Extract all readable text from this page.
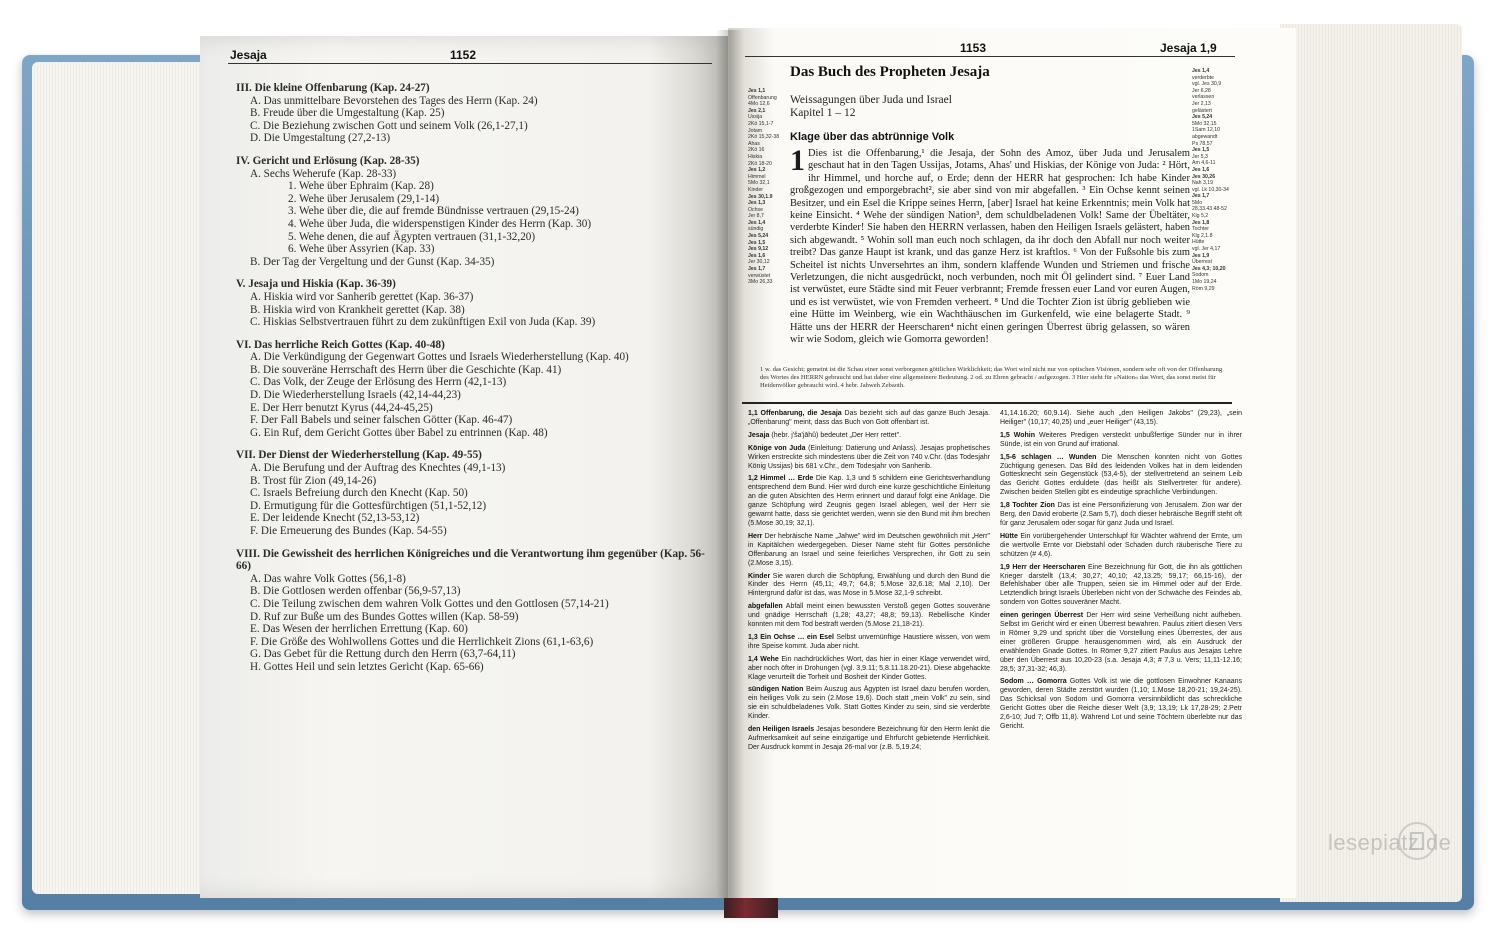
Jesaja	1152
III. Die kleine Offenbarung (Kap. 24-27)
A. Das unmittelbare Bevorstehen des Tages des Herrn (Kap. 24)
B. Freude über die Umgestaltung (Kap. 25)
C. Die Beziehung zwischen Gott und seinem Volk (26,1-27,1)
D. Die Umgestaltung (27,2-13)
IV. Gericht und Erlösung (Kap. 28-35)
A. Sechs Weherufe (Kap. 28-33)
1. Wehe über Ephraim (Kap. 28)
2. Wehe über Jerusalem (29,1-14)
3. Wehe über die, die auf fremde Bündnisse vertrauen (29,15-24)
4. Wehe über Juda, die widerspenstigen Kinder des Herrn (Kap. 30)
5. Wehe denen, die auf Ägypten vertrauen (31,1-32,20)
6. Wehe über Assyrien (Kap. 33)
B. Der Tag der Vergeltung und der Gunst (Kap. 34-35)
V. Jesaja und Hiskia (Kap. 36-39)
A. Hiskia wird vor Sanherib gerettet (Kap. 36-37)
B. Hiskia wird von Krankheit gerettet (Kap. 38)
C. Hiskias Selbstvertrauen führt zu dem zukünftigen Exil von Juda (Kap. 39)
VI. Das herrliche Reich Gottes (Kap. 40-48)
A. Die Verkündigung der Gegenwart Gottes und Israels Wiederherstellung (Kap. 40)
B. Die souveräne Herrschaft des Herrn über die Geschichte (Kap. 41)
C. Das Volk, der Zeuge der Erlösung des Herrn (42,1-13)
D. Die Wiederherstellung Israels (42,14-44,23)
E. Der Herr benutzt Kyrus (44,24-45,25)
F. Der Fall Babels und seiner falschen Götter (Kap. 46-47)
G. Ein Ruf, dem Gericht Gottes über Babel zu entrinnen (Kap. 48)
VII. Der Dienst der Wiederherstellung (Kap. 49-55)
A. Die Berufung und der Auftrag des Knechtes (49,1-13)
B. Trost für Zion (49,14-26)
C. Israels Befreiung durch den Knecht (Kap. 50)
D. Ermutigung für die Gottesfürchtigen (51,1-52,12)
E. Der leidende Knecht (52,13-53,12)
F. Die Erneuerung des Bundes (Kap. 54-55)
VIII. Die Gewissheit des herrlichen Königreiches und die Verantwortung ihm gegenüber (Kap. 56-66)
A. Das wahre Volk Gottes (56,1-8)
B. Die Gottlosen werden offenbar (56,9-57,13)
C. Die Teilung zwischen dem wahren Volk Gottes und den Gottlosen (57,14-21)
D. Ruf zur Buße um des Bundes Gottes willen (Kap. 58-59)
E. Das Wesen der herrlichen Errettung (Kap. 60)
F. Die Größe des Wohlwollens Gottes und die Herrlichkeit Zions (61,1-63,6)
G. Das Gebet für die Rettung durch den Herrn (63,7-64,11)
H. Gottes Heil und sein letztes Gericht (Kap. 65-66)
1153	Jesaja 1,9
Jes 1,1
Offenbarung
4Mo 12,6
Jes 2,1
Ussija
2Kö 15,1-7
Jotam
2Kö 15,32-38
Ahas
2Kö 16
Hiskia
2Kö 18-20
Jes 1,2
Himmel
5Mo 32,1
Kinder
Jes 30,1.9
Jes 1,3
Ochse
Jer 8,7
Jes 1,4
sündig
Jes 5,24
Jes 1,5
Jes 9,12
Jes 1,6
Jer 30,12
Jes 1,7
verwüstet
3Mo 26,33
Jes 1,4
verderbte
vgl. Jes 30,9
Jer 6,28
verlassen
Jer 2,13
gelästert
Jes 5,24
5Mo 32,15
1Sam 12,10
abgewandt
Ps 78,57
Jes 1,5
Jer 5,3
Am 4,6-11
Jes 1,6
Jes 30,26
Nah 3,19
vgl. Lk 10,30-34
Jes 1,7
5Mo
28,33.43.48-52
Klg 5,2
Jes 1,8
Tochter
Klg 2,1.8
Hütte
vgl. Jer 4,17
Jes 1,9
Überrest
Jes 4,3; 10,20
Sodom
1Mo 19,24
Röm 9,29
Das Buch des Propheten Jesaja
Weissagungen über Juda und Israel
Kapitel 1 – 12
Klage über das abtrünnige Volk
1 Dies ist die Offenbarung,¹ die Jesaja, der Sohn des Amoz, über Juda und Jerusalem geschaut hat in den Tagen Ussijas, Jotams, Ahas' und Hiskias, der Könige von Juda: ² Hört, ihr Himmel, und horche auf, o Erde; denn der HERR hat gesprochen: Ich habe Kinder großgezogen und emporgebracht², sie aber sind von mir abgefallen. ³ Ein Ochse kennt seinen Besitzer, und ein Esel die Krippe seines Herrn, [aber] Israel hat keine Erkenntnis; mein Volk hat keine Einsicht. ⁴ Wehe der sündigen Nation³, dem schuldbeladenen Volk! Same der Übeltäter, verderbte Kinder! Sie haben den HERRN verlassen, haben den Heiligen Israels gelästert, haben sich abgewandt. ⁵ Wohin soll man euch noch schlagen, da ihr doch den Abfall nur noch weiter treibt? Das ganze Haupt ist krank, und das ganze Herz ist kraftlos. ⁶ Von der Fußsohle bis zum Scheitel ist nichts Unversehrtes an ihm, sondern klaffende Wunden und Striemen und frische Verletzungen, die nicht ausgedrückt, noch verbunden, noch mit Öl gelindert sind. ⁷ Euer Land ist verwüstet, eure Städte sind mit Feuer verbrannt; Fremde fressen euer Land vor euren Augen, und es ist verwüstet, wie von Fremden verheert. ⁸ Und die Tochter Zion ist übrig geblieben wie eine Hütte im Weinberg, wie ein Wachthäuschen im Gurkenfeld, wie eine belagerte Stadt. ⁹ Hätte uns der HERR der Heerscharen⁴ nicht einen geringen Überrest übrig gelassen, so wären wir wie Sodom, gleich wie Gomorra geworden!
1 w. das Gesicht; gemeint ist die Schau einer sonst verborgenen göttlichen Wirklichkeit; das Wort wird nicht nur von optischen Visionen, sondern sehr oft von der Offenbarung des Wortes des HERRN gebraucht und hat daher eine allgemeinere Bedeutung. 2 od. zu Ehren gebracht / aufgezogen. 3 Hier steht für »Nation« das Wort, das sonst meist für Heidenvölker gebraucht wird. 4 hebr. Jahweh Zebaoth.

1,1 Offenbarung, die Jesaja Das bezieht sich auf das ganze Buch Jesaja. „Offenbarung" meint, dass das Buch von Gott offenbart ist.

Jesaja (hebr. j'ša'jāhû) bedeutet „Der Herr rettet".

Könige von Juda (Einleitung: Datierung und Anlass). Jesajas prophetisches Wirken erstreckte sich mindestens über die Zeit von 740 v.Chr. (das Todesjahr König Ussijas) bis 681 v.Chr., dem Todesjahr von Sanherib.

1,2 Himmel … Erde Die Kap. 1,3 und 5 schildern eine Gerichtsverhandlung entsprechend dem Bund. Hier wird durch eine kurze geschichtliche Einleitung an die guten Absichten des Herrn erinnert und darauf folgt eine Anklage. Die ganze Schöpfung wird Zeugnis gegen Israel ablegen, weil der Herr sie gewarnt hatte, dass sie gerichtet werden, wenn sie den Bund mit ihm brechen (5.Mose 30,19; 32,1).

Herr Der hebräische Name „Jahwe" wird im Deutschen gewöhnlich mit „Herr" in Kapitälchen wiedergegeben. Dieser Name steht für Gottes persönliche Offenbarung an Israel und seine feierliches Versprechen, ihr Gott zu sein (2.Mose 3,15).

Kinder Sie waren durch die Schöpfung, Erwählung und durch den Bund die Kinder des Herrn (45,11; 49,7; 64,8; 5.Mose 32,6.18; Mal 2,10). Der Hintergrund dafür ist das, was Mose in 5.Mose 32,1-9 schreibt.

abgefallen Abfall meint einen bewussten Verstoß gegen Gottes souveräne und gnädige Herrschaft (1,28; 43,27; 48,8; 59,13). Rebellische Kinder konnten mit dem Tod bestraft werden (5.Mose 21,18-21).

1,3 Ein Ochse … ein Esel Selbst unvernünftige Haustiere wissen, von wem ihre Speise kommt. Juda aber nicht.

1,4 Wehe Ein nachdrückliches Wort, das hier in einer Klage verwendet wird, aber noch öfter in Drohungen (vgl. 3,9.11; 5,8.11.18.20-21). Diese abgehackte Klage verurteilt die Torheit und Bosheit der Kinder Gottes.

sündigen Nation Beim Auszug aus Ägypten ist Israel dazu berufen worden, ein heiliges Volk zu sein (2.Mose 19,6). Doch statt „mein Volk" zu sein, sind sie ein schuldbeladenes Volk. Statt Gottes Kinder zu sein, sind sie verderbte Kinder.

den Heiligen Israels Jesajas besondere Bezeichnung für den Herrn lenkt die Aufmerksamkeit auf seine einzigartige und Ehrfurcht gebietende Herrlichkeit. Der Ausdruck kommt in Jesaja 26-mal vor (z.B. 5,19.24;

41,14.16.20; 60,9.14). Siehe auch „den Heiligen Jakobs" (29,23), „sein Heiliger" (10,17; 40,25) und „euer Heiliger" (43,15).

1,5 Wohin Weiteres Predigen versteckt unbußfertige Sünder nur in ihrer Sünde, ist ein von Grund auf irrational.

1,5-6 schlagen … Wunden Die Menschen konnten nicht von Gottes Züchtigung genesen. Das Bild des leidenden Volkes hat in dem leidenden Gottesknecht sein Gegenstück (53,4-5), der stellvertretend an seinem Leib das Gericht Gottes erduldete (das heißt als Stellvertreter für andere). Zwischen beiden Stellen gibt es eindeutige sprachliche Verbindungen.

1,8 Tochter Zion Das ist eine Personifizierung von Jerusalem. Zion war der Berg, den David eroberte (2.Sam 5,7), doch dieser hebräische Begriff steht oft für ganz Jerusalem oder sogar für ganz Juda und Israel.

Hütte Ein vorübergehender Unterschlupf für Wächter während der Ernte, um die wertvolle Ernte vor Diebstahl oder Schaden durch räuberische Tiere zu schützen (# 4,6).

1,9 Herr der Heerscharen Eine Bezeichnung für Gott, die ihn als göttlichen Krieger darstellt (13,4; 30,27; 40,10; 42,13.25; 59,17; 66,15-16), der Befehlshaber über alle Truppen, seien sie im Himmel oder auf der Erde. Letztendlich bringt Israels Überleben nicht von der Schwäche des Feindes ab, sondern von Gottes souveräner Macht.

einen geringen Überrest Der Herr wird seine Verheißung nicht aufheben. Selbst im Gericht wird er einen Überrest bewahren. Paulus zitiert diesen Vers in Römer 9,29 und spricht über die Vorstellung eines Überrestes, der aus einer größeren Gruppe herausgenommen wird, als ein Ausdruck der erwählenden Gnade Gottes. In Römer 9,27 zitiert Paulus aus Jesajas Lehre über den Überrest aus 10,20-23 (s.a. Jesaja 4,3; # 7,3 u. Vers; 11,11-12.16; 28,5; 37,31-32; 46,3).

Sodom … Gomorra Gottes Volk ist wie die gottlosen Einwohner Kanaans geworden, deren Städte zerstört wurden (1,10; 1.Mose 18,20-21; 19,24-25). Das Schicksal von Sodom und Gomorra versinnbildlicht das schreckliche Gericht Gottes über die Reiche dieser Welt (3,9; 13,19; Lk 17,28-29; 2.Petr 2,6-10; Jud 7; Offb 11,8). Während Lot und seine Töchtern überlebte nur das Gericht.

lesepiatz.de
